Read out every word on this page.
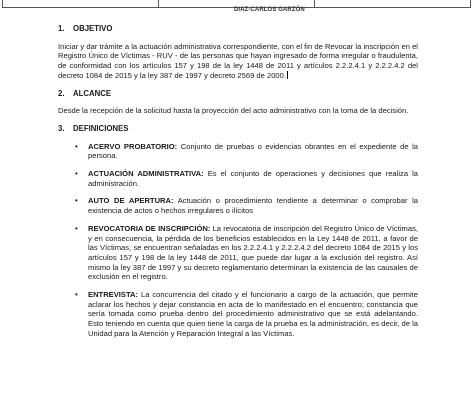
DIAZ-CARLOS GARZÓN
1.	OBJETIVO
Iniciar y dar trámite a la actuación administrativa correspondiente, con el fin de Revocar la inscripción en el Registro Único de Víctimas - RUV - de las personas que hayan ingresado de forma irregular o fraudulenta, de conformidad con los artículos 157 y 198 de la ley 1448 de 2011 y artículos 2.2.2.4.1 y 2.2.2.4.2 del decreto 1084 de 2015 y la ley 387 de 1997 y decreto 2569 de 2000.
2.	ALCANCE
Desde la recepción de la solicitud hasta la proyección del acto administrativo con la toma de la decisión.
3.	DEFINICIONES
• ACERVO PROBATORIO: Conjunto de pruebas o evidencias obrantes en el expediente de la persona.
• ACTUACIÓN ADMINISTRATIVA: Es el conjunto de operaciones y decisiones que realiza la administración.
• AUTO DE APERTURA: Actuación o procedimiento tendiente a determinar o comprobar la existencia de actos o hechos irregulares o ilícitos
• REVOCATORIA DE INSCRIPCIÓN: La revocatoria de inscripción del Registro Único de Víctimas, y en consecuencia, la pérdida de los beneficios establecidos en la Ley 1448 de 2011, a favor de las Víctimas, se encuentran señaladas en los 2.2.2.4.1 y 2.2.2.4.2 del decreto 1084 de 2015 y los artículos 157 y 198 de la ley 1448 de 2011, que puede dar lugar a la exclusión del registro. Así mismo la ley 387 de 1997 y su decreto reglamentario determinan la existencia de las causales de exclusión en el registro.
• ENTREVISTA: La concurrencia del citado y el funcionario a cargo de la actuación, que permite aclarar los hechos y dejar constancia en acta de lo manifestado en el encuentro; constancia que sería tomada como prueba dentro del procedimiento administrativo que se está adelantando. Esto teniendo en cuenta que quien tiene la carga de la prueba es la administración, es decir, de la Unidad para la Atención y Reparación Integral a las Víctimas.
